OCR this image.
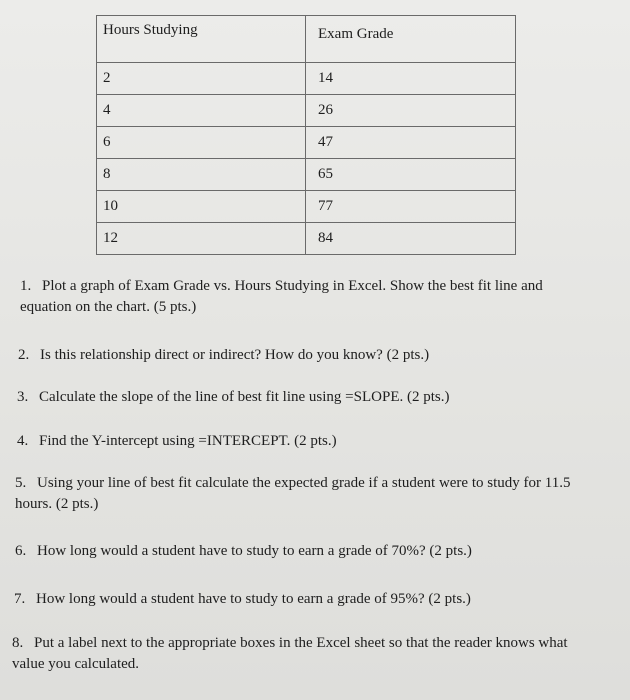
Hours Studying	Exam Grade
2	14
4	26
6	47
8	65
10	77
12	84
1. Plot a graph of Exam Grade vs. Hours Studying in Excel. Show the best fit line and
equation on the chart. (5 pts.)
2. Is this relationship direct or indirect? How do you know? (2 pts.)
3. Calculate the slope of the line of best fit line using =SLOPE. (2 pts.)
4. Find the Y-intercept using =INTERCEPT. (2 pts.)
5. Using your line of best fit calculate the expected grade if a student were to study for 11.5
hours. (2 pts.)
6. How long would a student have to study to earn a grade of 70%? (2 pts.)
7. How long would a student have to study to earn a grade of 95%? (2 pts.)
8. Put a label next to the appropriate boxes in the Excel sheet so that the reader knows what
value you calculated.
